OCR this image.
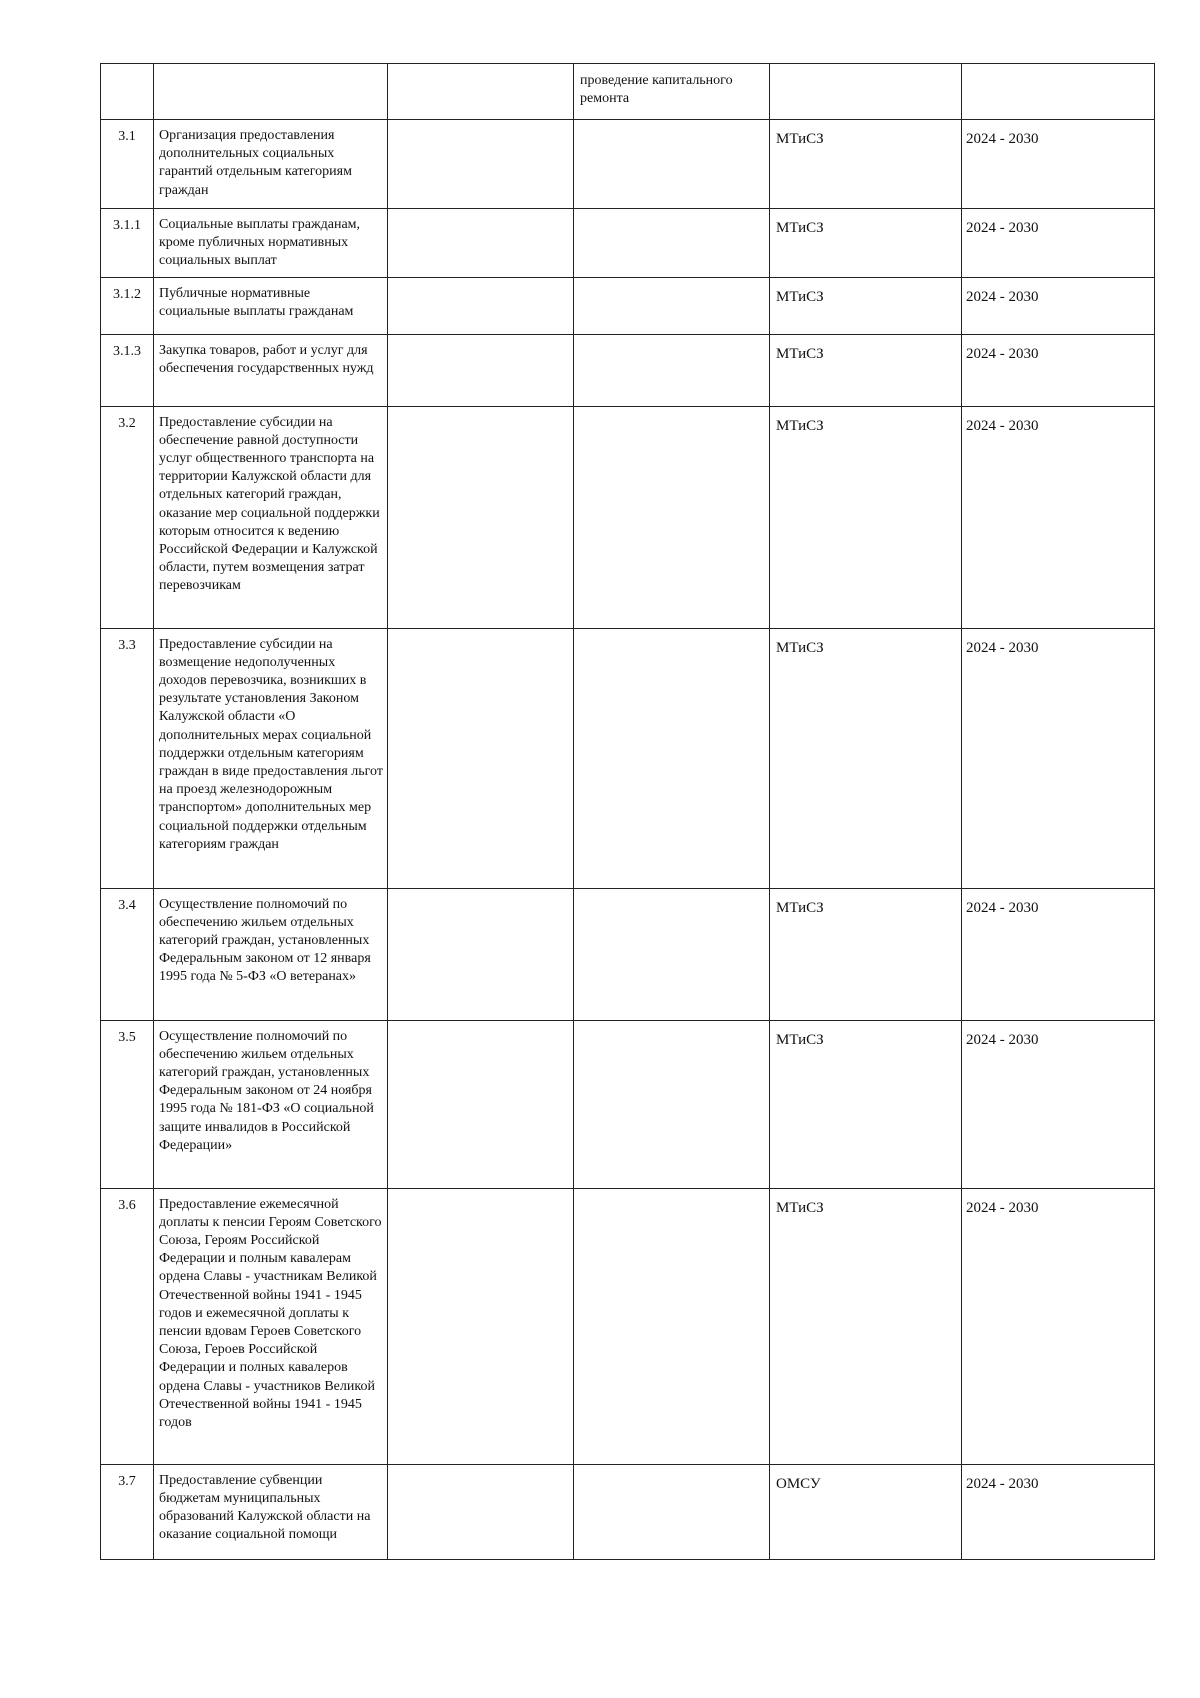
			проведение капитального ремонта		
3.1	Организация предоставления дополнительных социальных гарантий отдельным категориям граждан			МТиСЗ	2024 - 2030
3.1.1	Социальные выплаты гражданам, кроме публичных нормативных социальных выплат			МТиСЗ	2024 - 2030
3.1.2	Публичные нормативные социальные выплаты гражданам			МТиСЗ	2024 - 2030
3.1.3	Закупка товаров, работ и услуг для обеспечения государственных нужд			МТиСЗ	2024 - 2030
3.2	Предоставление субсидии на обеспечение равной доступности услуг общественного транспорта на территории Калужской области для отдельных категорий граждан, оказание мер социальной поддержки которым относится к ведению Российской Федерации и Калужской области, путем возмещения затрат перевозчикам			МТиСЗ	2024 - 2030
3.3	Предоставление субсидии на возмещение недополученных доходов перевозчика, возникших в результате установления Законом Калужской области «О дополнительных мерах социальной поддержки отдельным категориям граждан в виде предоставления льгот на проезд железнодорожным транспортом» дополнительных мер социальной поддержки отдельным категориям граждан			МТиСЗ	2024 - 2030
3.4	Осуществление полномочий по обеспечению жильем отдельных категорий граждан, установленных Федеральным законом от 12 января 1995 года № 5-ФЗ «О ветеранах»			МТиСЗ	2024 - 2030
3.5	Осуществление полномочий по обеспечению жильем отдельных категорий граждан, установленных Федеральным законом от 24 ноября 1995 года № 181-ФЗ «О социальной защите инвалидов в Российской Федерации»			МТиСЗ	2024 - 2030
3.6	Предоставление ежемесячной доплаты к пенсии Героям Советского Союза, Героям Российской Федерации и полным кавалерам ордена Славы - участникам Великой Отечественной войны 1941 - 1945 годов и ежемесячной доплаты к пенсии вдовам Героев Советского Союза, Героев Российской Федерации и полных кавалеров ордена Славы - участников Великой Отечественной войны 1941 - 1945 годов			МТиСЗ	2024 - 2030
3.7	Предоставление субвенции бюджетам муниципальных образований Калужской области на оказание социальной помощи			ОМСУ	2024 - 2030
